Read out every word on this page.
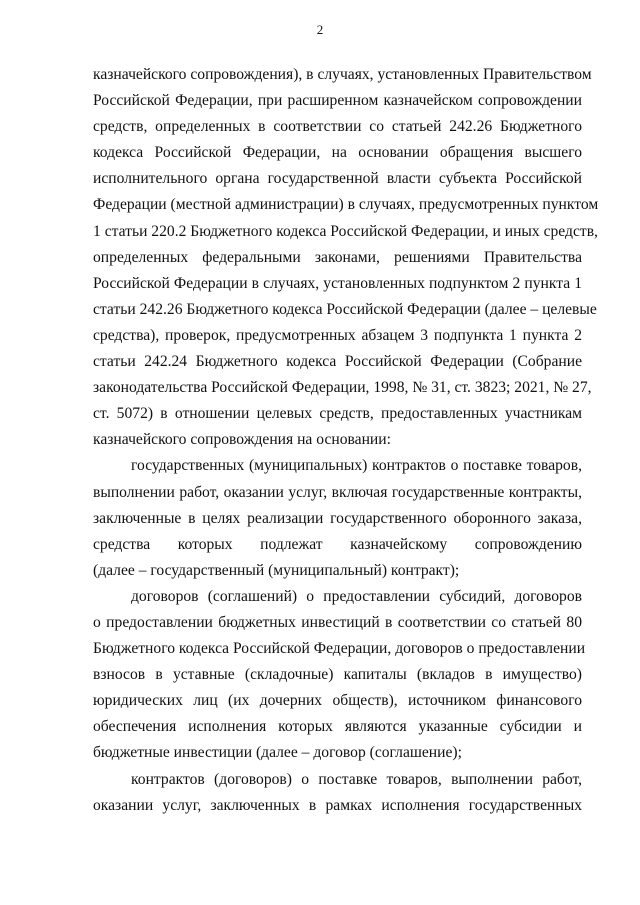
2
казначейского сопровождения), в случаях, установленных Правительством
Российской Федерации, при расширенном казначейском сопровождении
средств, определенных в соответствии со статьей 242.26 Бюджетного
кодекса Российской Федерации, на основании обращения высшего
исполнительного органа государственной власти субъекта Российской
Федерации (местной администрации) в случаях, предусмотренных пунктом
1 статьи 220.2 Бюджетного кодекса Российской Федерации, и иных средств,
определенных федеральными законами, решениями Правительства
Российской Федерации в случаях, установленных подпунктом 2 пункта 1
статьи 242.26 Бюджетного кодекса Российской Федерации (далее – целевые
средства), проверок, предусмотренных абзацем 3 подпункта 1 пункта 2
статьи 242.24 Бюджетного кодекса Российской Федерации (Собрание
законодательства Российской Федерации, 1998, № 31, ст. 3823; 2021, № 27,
ст. 5072) в отношении целевых средств, предоставленных участникам
казначейского сопровождения на основании:
государственных (муниципальных) контрактов о поставке товаров,
выполнении работ, оказании услуг, включая государственные контракты,
заключенные в целях реализации государственного оборонного заказа,
средства которых подлежат казначейскому сопровождению
(далее – государственный (муниципальный) контракт);
договоров (соглашений) о предоставлении субсидий, договоров
о предоставлении бюджетных инвестиций в соответствии со статьей 80
Бюджетного кодекса Российской Федерации, договоров о предоставлении
взносов в уставные (складочные) капиталы (вкладов в имущество)
юридических лиц (их дочерних обществ), источником финансового
обеспечения исполнения которых являются указанные субсидии и
бюджетные инвестиции (далее – договор (соглашение);
контрактов (договоров) о поставке товаров, выполнении работ,
оказании услуг, заключенных в рамках исполнения государственных
